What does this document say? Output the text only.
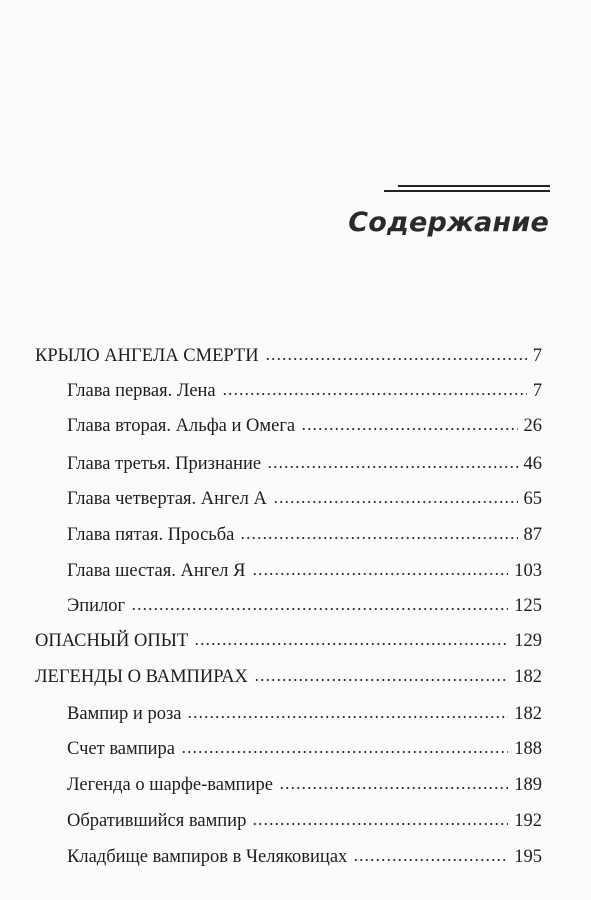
Содержание
КРЫЛО АНГЕЛА СМЕРТИ	7
Глава первая. Лена	7
Глава вторая. Альфа и Омега	26
Глава третья. Признание	46
Глава четвертая. Ангел А	65
Глава пятая. Просьба	87
Глава шестая. Ангел Я	103
Эпилог	125
ОПАСНЫЙ ОПЫТ	129
ЛЕГЕНДЫ О ВАМПИРАХ	182
Вампир и роза	182
Счет вампира	188
Легенда о шарфе-вампире	189
Обратившийся вампир	192
Кладбище вампиров в Челяковицах	195
